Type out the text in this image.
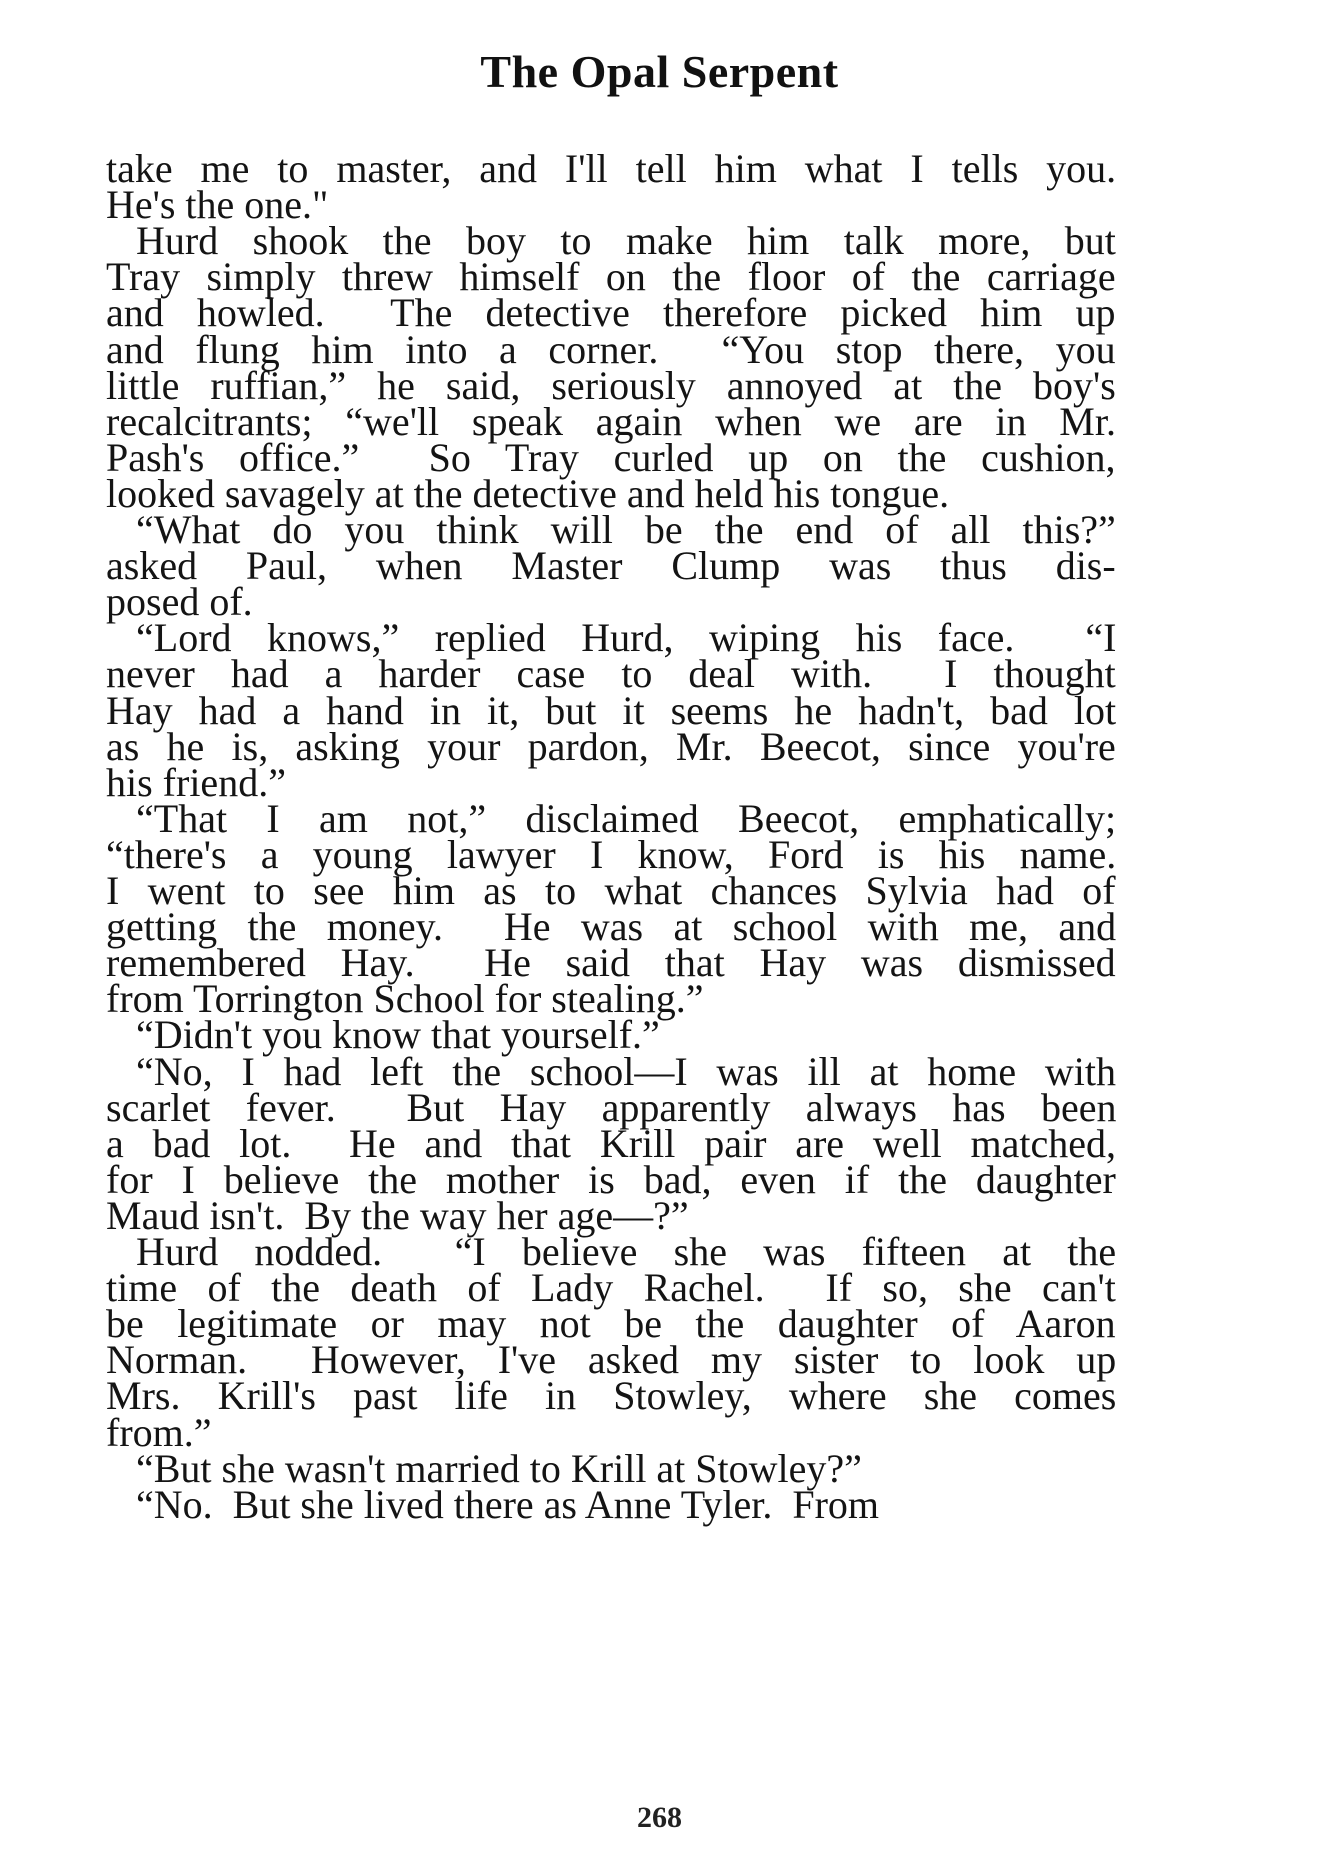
The Opal Serpent
take me to master, and I'll tell him what I tells you.
He's the one."
Hurd shook the boy to make him talk more, but
Tray simply threw himself on the floor of the carriage
and howled.  The detective therefore picked him up
and flung him into a corner.  “You stop there, you
little ruffian,” he said, seriously annoyed at the boy's
recalcitrants; “we'll speak again when we are in Mr.
Pash's office.”  So Tray curled up on the cushion,
looked savagely at the detective and held his tongue.
“What do you think will be the end of all this?”
asked Paul, when Master Clump was thus dis-
posed of.
“Lord knows,” replied Hurd, wiping his face.  “I
never had a harder case to deal with.  I thought
Hay had a hand in it, but it seems he hadn't, bad lot
as he is, asking your pardon, Mr. Beecot, since you're
his friend.”
“That I am not,” disclaimed Beecot, emphatically;
“there's a young lawyer I know, Ford is his name.
I went to see him as to what chances Sylvia had of
getting the money.  He was at school with me, and
remembered Hay.  He said that Hay was dismissed
from Torrington School for stealing.”
“Didn't you know that yourself.”
“No, I had left the school—I was ill at home with
scarlet fever.  But Hay apparently always has been
a bad lot.  He and that Krill pair are well matched,
for I believe the mother is bad, even if the daughter
Maud isn't.  By the way her age—?”
Hurd nodded.  “I believe she was fifteen at the
time of the death of Lady Rachel.  If so, she can't
be legitimate or may not be the daughter of Aaron
Norman.  However, I've asked my sister to look up
Mrs. Krill's past life in Stowley, where she comes
from.”
“But she wasn't married to Krill at Stowley?”
“No.  But she lived there as Anne Tyler.  From
268
